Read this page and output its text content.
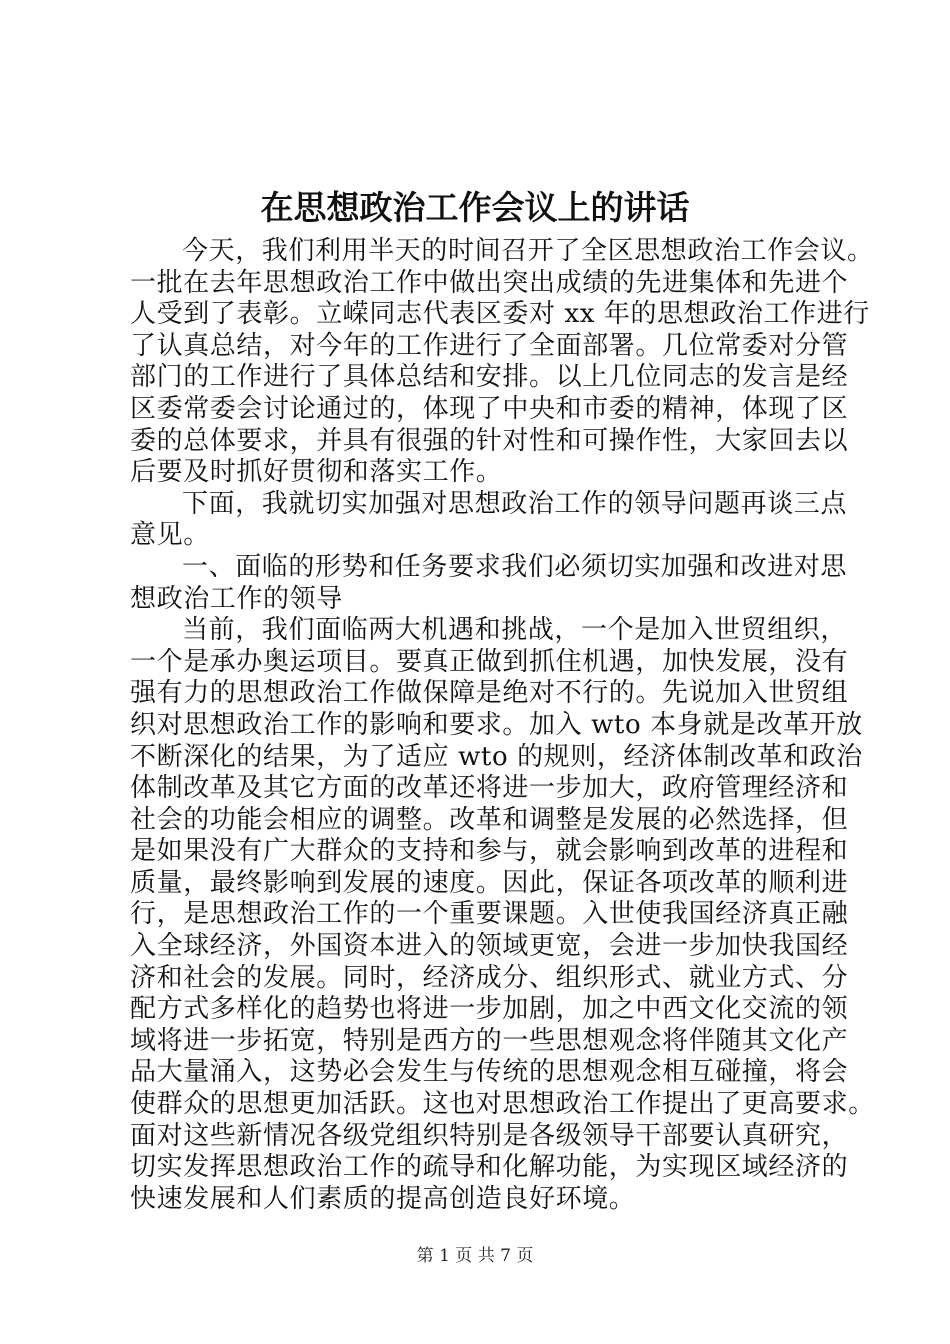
在思想政治工作会议上的讲话

今天，我们利用半天的时间召开了全区思想政治工作会议。

一批在去年思想政治工作中做出突出成绩的先进集体和先进个

人受到了表彰。立嵘同志代表区委对 xx 年的思想政治工作进行

了认真总结，对今年的工作进行了全面部署。几位常委对分管

部门的工作进行了具体总结和安排。以上几位同志的发言是经

区委常委会讨论通过的，体现了中央和市委的精神，体现了区

委的总体要求，并具有很强的针对性和可操作性，大家回去以

后要及时抓好贯彻和落实工作。

下面，我就切实加强对思想政治工作的领导问题再谈三点

意见。

一、面临的形势和任务要求我们必须切实加强和改进对思

想政治工作的领导

当前，我们面临两大机遇和挑战，一个是加入世贸组织，

一个是承办奥运项目。要真正做到抓住机遇，加快发展，没有

强有力的思想政治工作做保障是绝对不行的。先说加入世贸组

织对思想政治工作的影响和要求。加入 wto 本身就是改革开放

不断深化的结果，为了适应 wto 的规则，经济体制改革和政治

体制改革及其它方面的改革还将进一步加大，政府管理经济和

社会的功能会相应的调整。改革和调整是发展的必然选择，但

是如果没有广大群众的支持和参与，就会影响到改革的进程和

质量，最终影响到发展的速度。因此，保证各项改革的顺利进

行，是思想政治工作的一个重要课题。入世使我国经济真正融

入全球经济，外国资本进入的领域更宽，会进一步加快我国经

济和社会的发展。同时，经济成分、组织形式、就业方式、分

配方式多样化的趋势也将进一步加剧，加之中西文化交流的领

域将进一步拓宽，特别是西方的一些思想观念将伴随其文化产

品大量涌入，这势必会发生与传统的思想观念相互碰撞，将会

使群众的思想更加活跃。这也对思想政治工作提出了更高要求。

面对这些新情况各级党组织特别是各级领导干部要认真研究，

切实发挥思想政治工作的疏导和化解功能，为实现区域经济的

快速发展和人们素质的提高创造良好环境。

第 1 页 共 7 页
